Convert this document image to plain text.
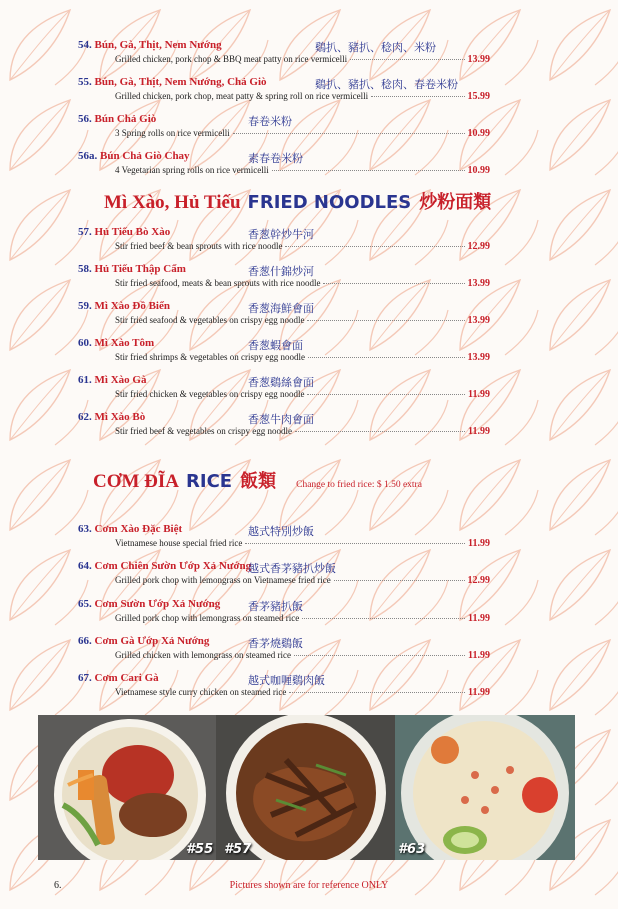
54. Bún, Gà, Thịt, Nem Nướng	鷄扒、豬扒、稔肉、米粉
Grilled chicken, pork chop & BBQ meat patty on rice vermicelli	13.99
55. Bún, Gà, Thịt, Nem Nướng, Chả Giò	鷄扒、豬扒、稔肉、春卷米粉
Grilled chicken, pork chop, meat patty & spring roll on rice vermicelli	15.99
56. Bún Chả Giò	春卷米粉
3 Spring rolls on rice vermicelli	10.99
56a. Bún Chả Giò Chay	素春卷米粉
4 Vegetarian spring rolls on rice vermicelli	10.99
Mì Xào, Hủ Tiếu FRIED NOODLES 炒粉面類
57. Hủ Tiếu Bò Xào	香葱幹炒牛河
Stir fried beef & bean sprouts with rice noodle	12.99
58. Hủ Tiếu Thập Cẩm	香葱什錦炒河
Stir fried seafood, meats & bean sprouts with rice noodle	13.99
59. Mì Xào Đồ Biển	香葱海鮮會面
Stir fried seafood & vegetables on crispy egg noodle	13.99
60. Mì Xào Tôm	香葱蝦會面
Stir fried shrimps & vegetables on crispy egg noodle	13.99
61. Mì Xào Gà	香葱鷄絲會面
Stir fried chicken & vegetables on crispy egg noodle	11.99
62. Mì Xào Bò	香葱牛肉會面
Stir fried beef & vegetables on crispy egg noodle	11.99
CƠM ĐĨA RICE 飯類 Change to fried rice: $ 1.50 extra
63. Cơm Xào Đặc Biệt	越式特別炒飯
Vietnamese house special fried rice	11.99
64. Cơm Chiên Sườn Ướp Xả Nướng
越式香茅豬扒炒飯
Grilled pork chop with lemongrass on Vietnamese fried rice	12.99
65. Cơm Sườn Ướp Xả Nướng	香茅豬扒飯
Grilled pork chop with lemongrass on steamed rice	11.99
66. Cơm Gà Ướp Xả Nướng	香茅燒鷄飯
Grilled chicken with lemongrass on steamed rice	11.99
67. Cơm Cari Gà	越式咖喱鷄肉飯
Vietnamese style curry chicken on steamed rice	11.99
#55 #57	#63
6.	Pictures shown are for reference ONLY
